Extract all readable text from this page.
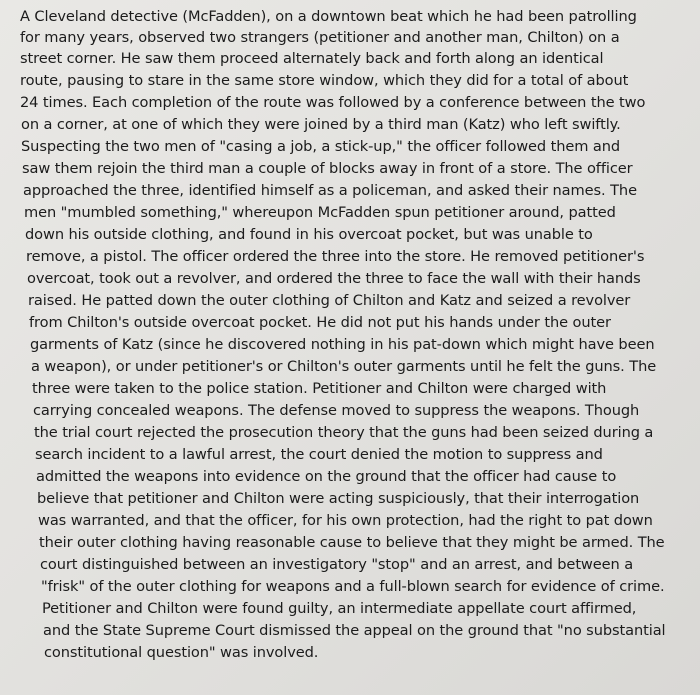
A Cleveland detective (McFadden), on a downtown beat which he had been patrolling
for many years, observed two strangers (petitioner and another man, Chilton) on a
street corner. He saw them proceed alternately back and forth along an identical
route, pausing to stare in the same store window, which they did for a total of about
24 times. Each completion of the route was followed by a conference between the two
on a corner, at one of which they were joined by a third man (Katz) who left swiftly.
Suspecting the two men of "casing a job, a stick-up," the officer followed them and
saw them rejoin the third man a couple of blocks away in front of a store. The officer
approached the three, identified himself as a policeman, and asked their names. The
men "mumbled something," whereupon McFadden spun petitioner around, patted
down his outside clothing, and found in his overcoat pocket, but was unable to
remove, a pistol. The officer ordered the three into the store. He removed petitioner's
overcoat, took out a revolver, and ordered the three to face the wall with their hands
raised. He patted down the outer clothing of Chilton and Katz and seized a revolver
from Chilton's outside overcoat pocket. He did not put his hands under the outer
garments of Katz (since he discovered nothing in his pat-down which might have been
a weapon), or under petitioner's or Chilton's outer garments until he felt the guns. The
three were taken to the police station. Petitioner and Chilton were charged with
carrying concealed weapons. The defense moved to suppress the weapons. Though
the trial court rejected the prosecution theory that the guns had been seized during a
search incident to a lawful arrest, the court denied the motion to suppress and
admitted the weapons into evidence on the ground that the officer had cause to
believe that petitioner and Chilton were acting suspiciously, that their interrogation
was warranted, and that the officer, for his own protection, had the right to pat down
their outer clothing having reasonable cause to believe that they might be armed. The
court distinguished between an investigatory "stop" and an arrest, and between a
"frisk" of the outer clothing for weapons and a full-blown search for evidence of crime.
Petitioner and Chilton were found guilty, an intermediate appellate court affirmed,
and the State Supreme Court dismissed the appeal on the ground that "no substantial
constitutional question" was involved.
